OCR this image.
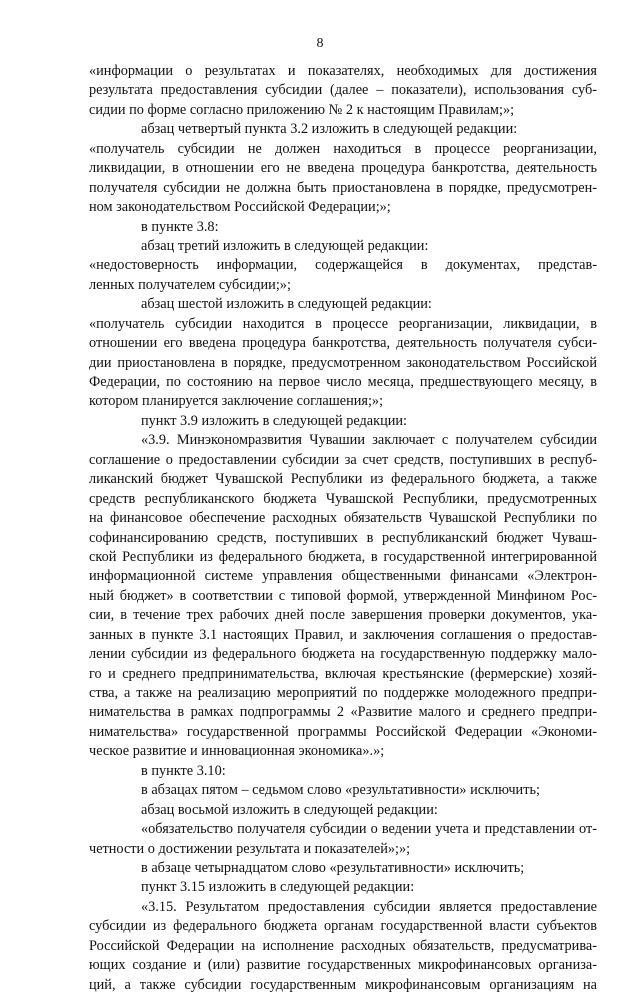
8
«информации о результатах и показателях, необходимых для достижения
результата предоставления субсидии (далее – показатели), использования суб-
сидии по форме согласно приложению № 2 к настоящим Правилам;»;
абзац четвертый пункта 3.2 изложить в следующей редакции:
«получатель субсидии не должен находиться в процессе реорганизации,
ликвидации, в отношении его не введена процедура банкротства, деятельность
получателя субсидии не должна быть приостановлена в порядке, предусмотрен-
ном законодательством Российской Федерации;»;
в пункте 3.8:
абзац третий изложить в следующей редакции:
«недостоверность информации, содержащейся в документах, представ-
ленных получателем субсидии;»;
абзац шестой изложить в следующей редакции:
«получатель субсидии находится в процессе реорганизации, ликвидации, в
отношении его введена процедура банкротства, деятельность получателя субси-
дии приостановлена в порядке, предусмотренном законодательством Российской
Федерации, по состоянию на первое число месяца, предшествующего месяцу, в
котором планируется заключение соглашения;»;
пункт 3.9 изложить в следующей редакции:
«3.9. Минэкономразвития Чувашии заключает с получателем субсидии
соглашение о предоставлении субсидии за счет средств, поступивших в респуб-
ликанский бюджет Чувашской Республики из федерального бюджета, а также
средств республиканского бюджета Чувашской Республики, предусмотренных
на финансовое обеспечение расходных обязательств Чувашской Республики по
софинансированию средств, поступивших в республиканский бюджет Чуваш-
ской Республики из федерального бюджета, в государственной интегрированной
информационной системе управления общественными финансами «Электрон-
ный бюджет» в соответствии с типовой формой, утвержденной Минфином Рос-
сии, в течение трех рабочих дней после завершения проверки документов, ука-
занных в пункте 3.1 настоящих Правил, и заключения соглашения о предостав-
лении субсидии из федерального бюджета на государственную поддержку мало-
го и среднего предпринимательства, включая крестьянские (фермерские) хозяй-
ства, а также на реализацию мероприятий по поддержке молодежного предпри-
нимательства в рамках подпрограммы 2 «Развитие малого и среднего предпри-
нимательства» государственной программы Российской Федерации «Экономи-
ческое развитие и инновационная экономика».»;
в пункте 3.10:
в абзацах пятом – седьмом слово «результативности» исключить;
абзац восьмой изложить в следующей редакции:
«обязательство получателя субсидии о ведении учета и представлении от-
четности о достижении результата и показателей»;»;
в абзаце четырнадцатом слово «результативности» исключить;
пункт 3.15 изложить в следующей редакции:
«3.15. Результатом предоставления субсидии является предоставление
субсидии из федерального бюджета органам государственной власти субъектов
Российской Федерации на исполнение расходных обязательств, предусматрива-
ющих создание и (или) развитие государственных микрофинансовых организа-
ций, а также субсидии государственным микрофинансовым организациям на
